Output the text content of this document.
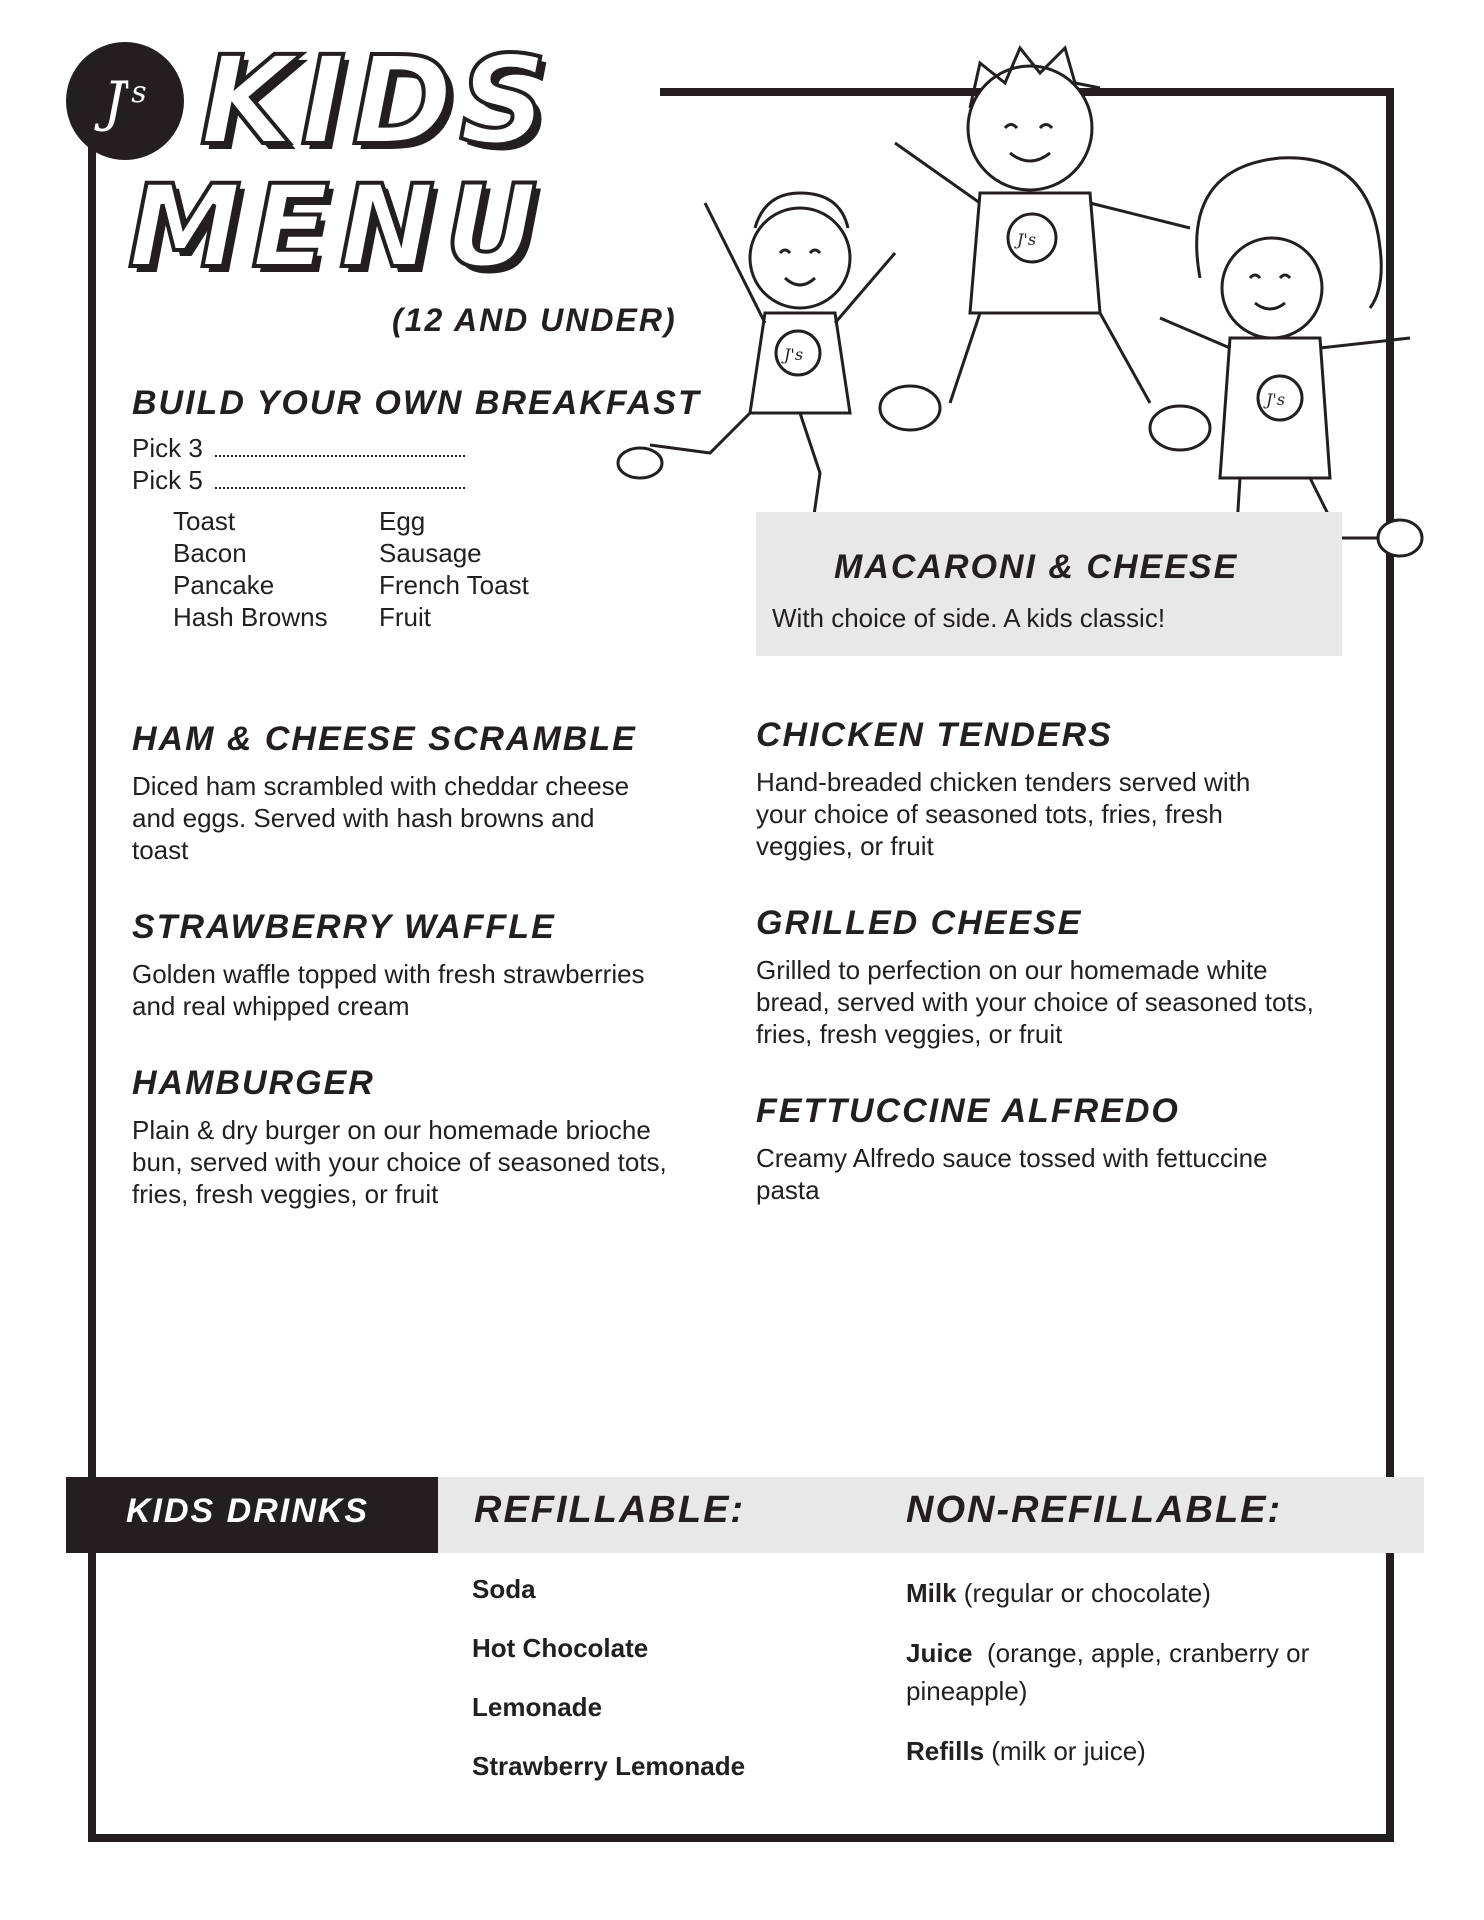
J
's KIDS
MENU
(12 AND UNDER)
J's
J's
J's
BUILD YOUR OWN BREAKFAST
Pick 3
Pick 5
Toast	Egg
Bacon	Sausage
Pancake	French Toast
Hash Browns	Fruit
MACARONI & CHEESE
With choice of side. A kids classic!
HAM & CHEESE SCRAMBLE
Diced ham scrambled with cheddar cheese and eggs. Served with hash browns and toast
STRAWBERRY WAFFLE
Golden waffle topped with fresh strawberries and real whipped cream
HAMBURGER
Plain & dry burger on our homemade brioche bun, served with your choice of seasoned tots, fries, fresh veggies, or fruit
CHICKEN TENDERS
Hand-breaded chicken tenders served with your choice of seasoned tots, fries, fresh veggies, or fruit
GRILLED CHEESE
Grilled to perfection on our homemade white bread, served with your choice of seasoned tots, fries, fresh veggies, or fruit
FETTUCCINE ALFREDO
Creamy Alfredo sauce tossed with fettuccine pasta
KIDS DRINKS	REFILLABLE:	NON-REFILLABLE:
Soda
Hot Chocolate
Lemonade
Strawberry Lemonade
Milk (regular or chocolate)
Juice  (orange, apple, cranberry or pineapple)
Refills (milk or juice)
